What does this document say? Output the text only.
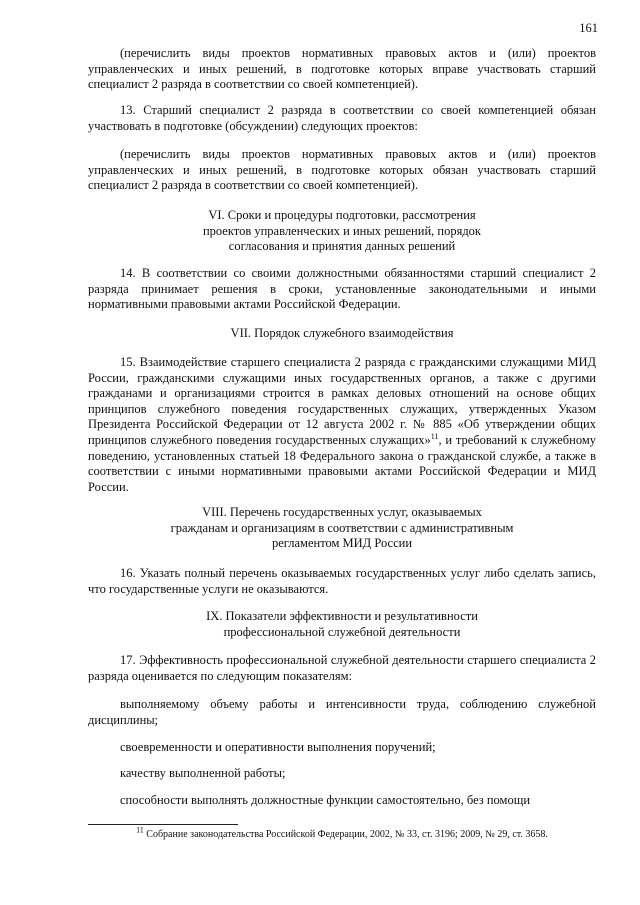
161
(перечислить виды проектов нормативных правовых актов и (или) проектов управленческих и иных решений, в подготовке которых вправе участвовать старший специалист 2 разряда в соответствии со своей компетенцией).
13. Старший специалист 2 разряда в соответствии со своей компетенцией обязан участвовать в подготовке (обсуждении) следующих проектов:
(перечислить виды проектов нормативных правовых актов и (или) проектов управленческих и иных решений, в подготовке которых обязан участвовать старший специалист 2 разряда в соответствии со своей компетенцией).
VI. Сроки и процедуры подготовки, рассмотрения
проектов управленческих и иных решений, порядок
согласования и принятия данных решений
14. В соответствии со своими должностными обязанностями старший специалист 2 разряда принимает решения в сроки, установленные законодательными и иными нормативными правовыми актами Российской Федерации.
VII. Порядок служебного взаимодействия
15. Взаимодействие старшего специалиста 2 разряда с гражданскими служащими МИД России, гражданскими служащими иных государственных органов, а также с другими гражданами и организациями строится в рамках деловых отношений на основе общих принципов служебного поведения государственных служащих, утвержденных Указом Президента Российской Федерации от 12 августа 2002 г. № 885 «Об утверждении общих принципов служебного поведения государственных служащих»$^{11}$, и требований к служебному поведению, установленных статьей 18 Федерального закона о гражданской службе, а также в соответствии с иными нормативными правовыми актами Российской Федерации и МИД России.
VIII. Перечень государственных услуг, оказываемых
гражданам и организациям в соответствии с административным
регламентом МИД России
16. Указать полный перечень оказываемых государственных услуг либо сделать запись, что государственные услуги не оказываются.
IX. Показатели эффективности и результативности
профессиональной служебной деятельности
17. Эффективность профессиональной служебной деятельности старшего специалиста 2 разряда оценивается по следующим показателям:
выполняемому объему работы и интенсивности труда, соблюдению служебной дисциплины;
своевременности и оперативности выполнения поручений;
качеству выполненной работы;
способности выполнять должностные функции самостоятельно, без помощи
$^{11}$ Собрание законодательства Российской Федерации, 2002, № 33, ст. 3196; 2009, № 29, ст. 3658.
